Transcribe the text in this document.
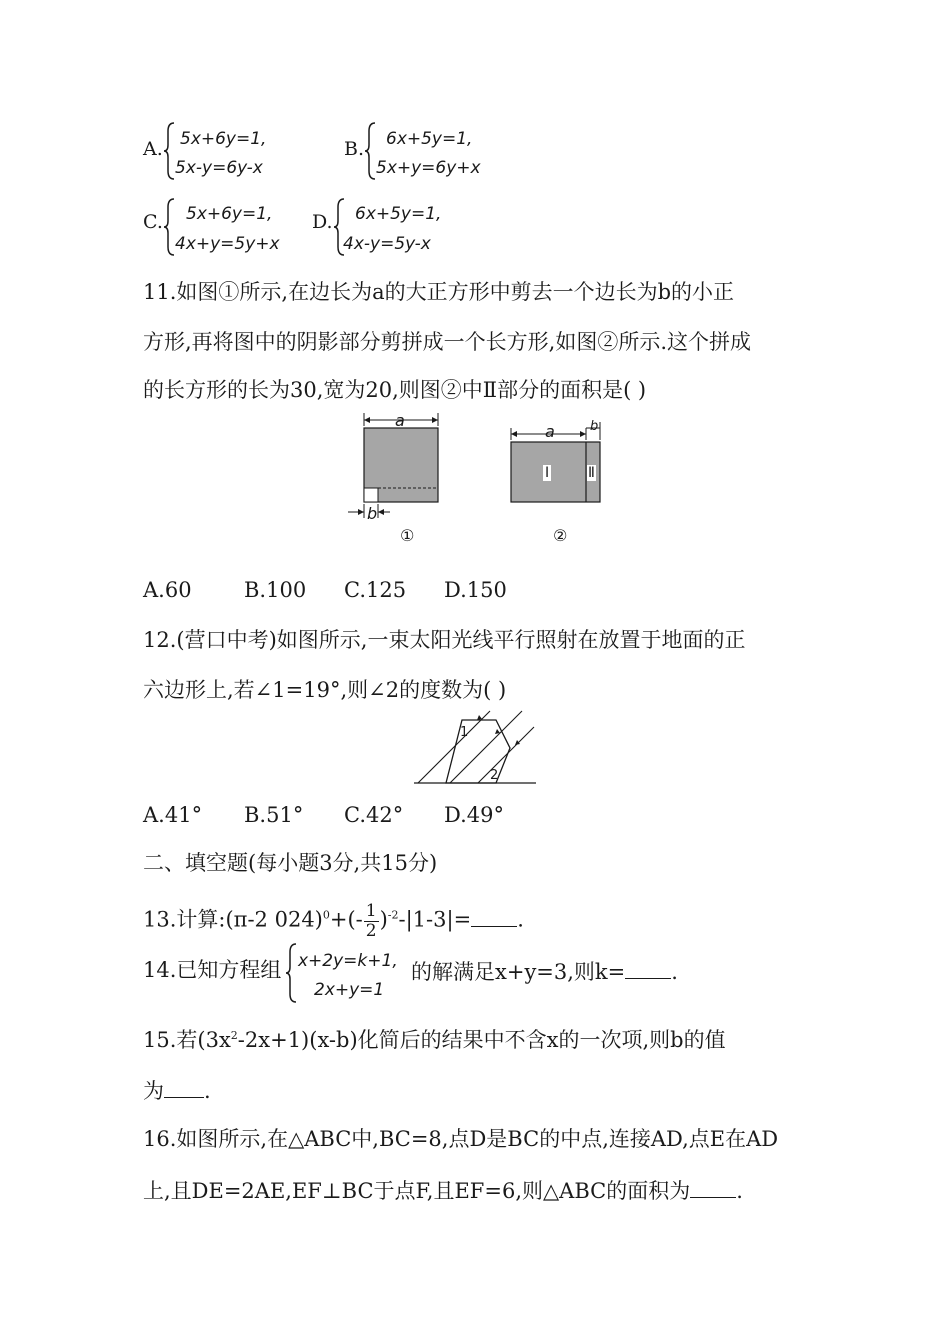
A. 5x+6y=1,
5x-y=6y-x
B. 6x+5y=1,
5x+y=6y+x
C. 5x+6y=1,
4x+y=5y+x
D. 6x+5y=1,
4x-y=5y-x
11.如图①所示,在边长为a的大正方形中剪去一个边长为b的小正
方形,再将图中的阴影部分剪拼成一个长方形,如图②所示.这个拼成
的长方形的长为30,宽为20,则图②中Ⅱ部分的面积是( )
a
b
①
a	b
Ⅰ	Ⅱ
②
A.60 B.100 C.125 D.150
12.(营口中考)如图所示,一束太阳光线平行照射在放置于地面的正
六边形上,若∠1=19°,则∠2的度数为( )
1
2
A.41° B.51° C.42° D.49°
二、填空题(每小题3分,共15分)
13.计算:(π-2 $024)^0+(- \frac{1}{2} )^{-2}-|1-3|=$ .
14.已知方程组 x+2y=k+1,
2x+y=1
的解满足x+y=3,则k= .
15.若$(3x^2-2x+1)(x-b)$化简后的结果中不含x的一次项,则b的值
为 .
16.如图所示,在△ABC中,BC=8,点D是BC的中点,连接AD,点E在AD
上,且DE=2AE,EF⊥BC于点F,且EF=6,则△ABC的面积为 .
